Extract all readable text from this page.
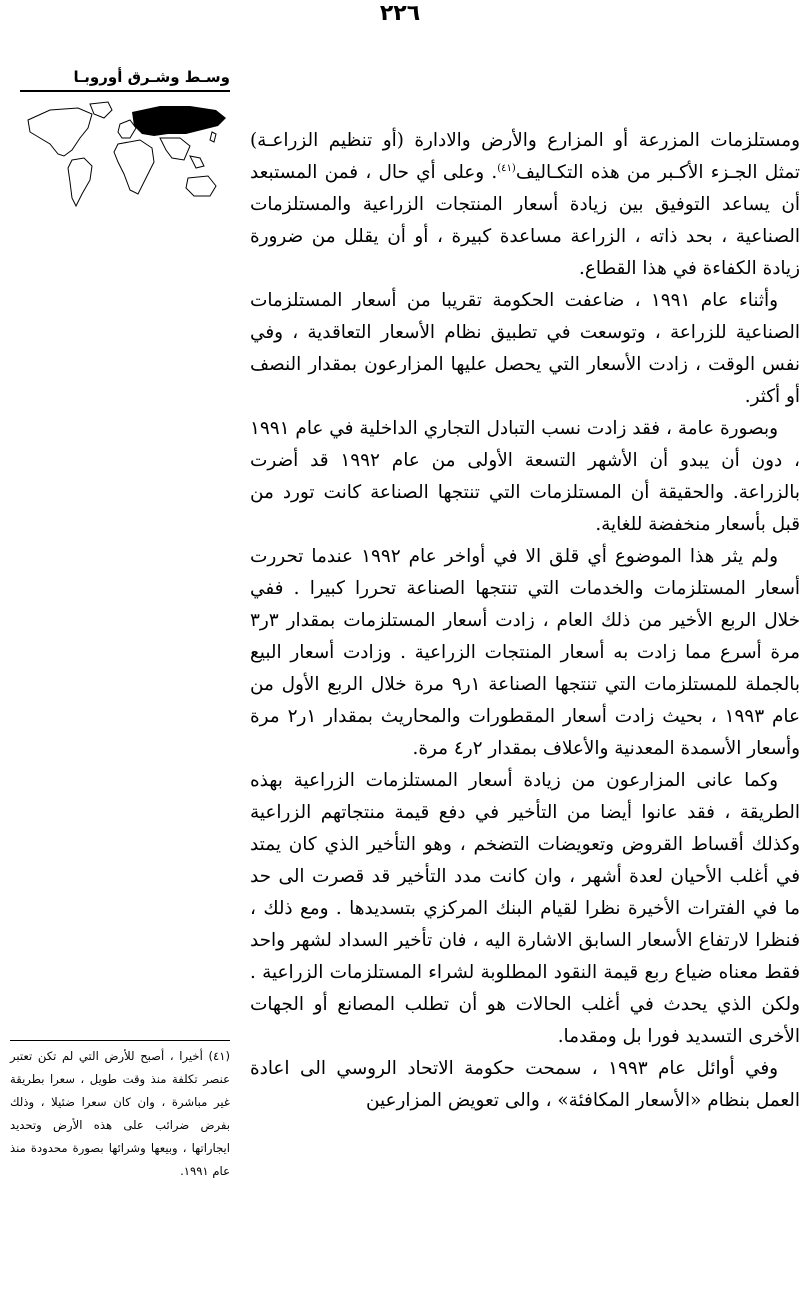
٢٢٦
وسـط وشـرق أوروبـا

ومستلزمات المزرعة أو المزارع والأرض والادارة (أو تنظيم الزراعـة) تمثل الجـزء الأكـبر من هذه التكـاليف$^{(٤١)}$. وعلى أي حال ، فمن المستبعد أن يساعد التوفيق بين زيادة أسعار المنتجات الزراعية والمستلزمات الصناعية ، بحد ذاته ، الزراعة مساعدة كبيرة ، أو أن يقلل من ضرورة زيادة الكفاءة في هذا القطاع.

وأثناء عام ١٩٩١ ، ضاعفت الحكومة تقريبا من أسعار المستلزمات الصناعية للزراعة ، وتوسعت في تطبيق نظام الأسعار التعاقدية ، وفي نفس الوقت ، زادت الأسعار التي يحصل عليها المزارعون بمقدار النصف أو أكثر.

وبصورة عامة ، فقد زادت نسب التبادل التجاري الداخلية في عام ١٩٩١ ، دون أن يبدو أن الأشهر التسعة الأولى من عام ١٩٩٢ قد أضرت بالزراعة. والحقيقة أن المستلزمات التي تنتجها الصناعة كانت تورد من قبل بأسعار منخفضة للغاية.

ولم يثر هذا الموضوع أي قلق الا في أواخر عام ١٩٩٢ عندما تحررت أسعار المستلزمات والخدمات التي تنتجها الصناعة تحررا كبيرا . ففي خلال الربع الأخير من ذلك العام ، زادت أسعار المستلزمات بمقدار ٣ر٣ مرة أسرع مما زادت به أسعار المنتجات الزراعية . وزادت أسعار البيع بالجملة للمستلزمات التي تنتجها الصناعة ١ر٩ مرة خلال الربع الأول من عام ١٩٩٣ ، بحيث زادت أسعار المقطورات والمحاريث بمقدار ١ر٢ مرة وأسعار الأسمدة المعدنية والأعلاف بمقدار ٢ر٤ مرة.

وكما عانى المزارعون من زيادة أسعار المستلزمات الزراعية بهذه الطريقة ، فقد عانوا أيضا من التأخير في دفع قيمة منتجاتهم الزراعية وكذلك أقساط القروض وتعويضات التضخم ، وهو التأخير الذي كان يمتد في أغلب الأحيان لعدة أشهر ، وان كانت مدد التأخير قد قصرت الى حد ما في الفترات الأخيرة نظرا لقيام البنك المركزي بتسديدها . ومع ذلك ، فنظرا لارتفاع الأسعار السابق الاشارة اليه ، فان تأخير السداد لشهر واحد فقط معناه ضياع ربع قيمة النقود المطلوبة لشراء المستلزمات الزراعية . ولكن الذي يحدث في أغلب الحالات هو أن تطلب المصانع أو الجهات الأخرى التسديد فورا بل ومقدما.

وفي أوائل عام ١٩٩٣ ، سمحت حكومة الاتحاد الروسي الى اعادة العمل بنظام «الأسعار المكافئة» ، والى تعويض المزارعين

(٤١) أخيرا ، أصبح للأرض التي لم تكن تعتبر عنصر تكلفة منذ وقت طويل ، سعرا بطريقة غير مباشرة ، وان كان سعرا ضئيلا ، وذلك بفرض ضرائب على هذه الأرض وتحديد ايجاراتها ، وبيعها وشرائها بصورة محدودة منذ عام ١٩٩١.
